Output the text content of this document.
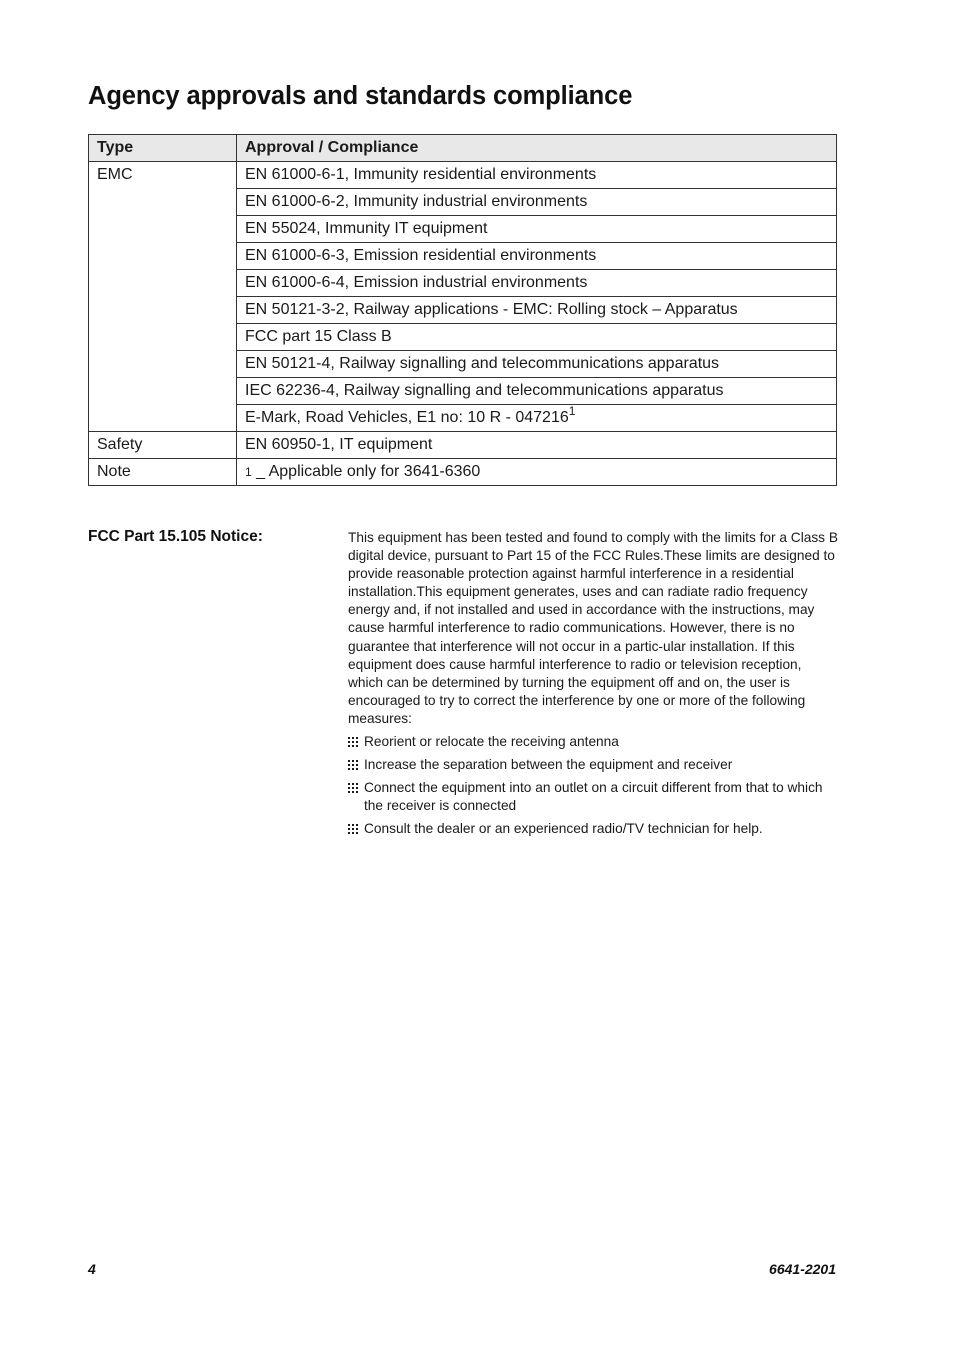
Agency approvals and standards compliance
Type	Approval / Compliance
EMC	EN 61000-6-1, Immunity residential environments
	EN 61000-6-2, Immunity industrial environments
	EN 55024, Immunity IT equipment
	EN 61000-6-3, Emission residential environments
	EN 61000-6-4, Emission industrial environments
	EN 50121-3-2, Railway applications - EMC: Rolling stock – Apparatus
	FCC part 15 Class B
	EN 50121-4, Railway signalling and telecommunications apparatus
	IEC 62236-4, Railway signalling and telecommunications apparatus
	E-Mark, Road Vehicles, E1 no: 10 R - 047216$^1$
Safety	EN 60950-1, IT equipment
Note	1 _ Applicable only for 3641-6360
FCC Part 15.105 Notice:	This equipment has been tested and found to comply with the limits for a Class B digital device, pursuant to Part 15 of the FCC Rules.These limits are designed to provide reasonable protection against harmful interference in a residential installation.This equipment generates, uses and can radiate radio frequency energy and, if not installed and used in accordance with the instructions, may cause harmful interference to radio communications. However, there is no guarantee that interference will not occur in a partic-ular installation. If this equipment does cause harmful interference to radio or television reception, which can be determined by turning the equipment off and on, the user is encouraged to try to correct the interference by one or more of the following measures:

Reorient or relocate the receiving antenna
Increase the separation between the equipment and receiver
Connect the equipment into an outlet on a circuit different from that to which the receiver is connected
Consult the dealer or an experienced radio/TV technician for help.
4	6641-2201
